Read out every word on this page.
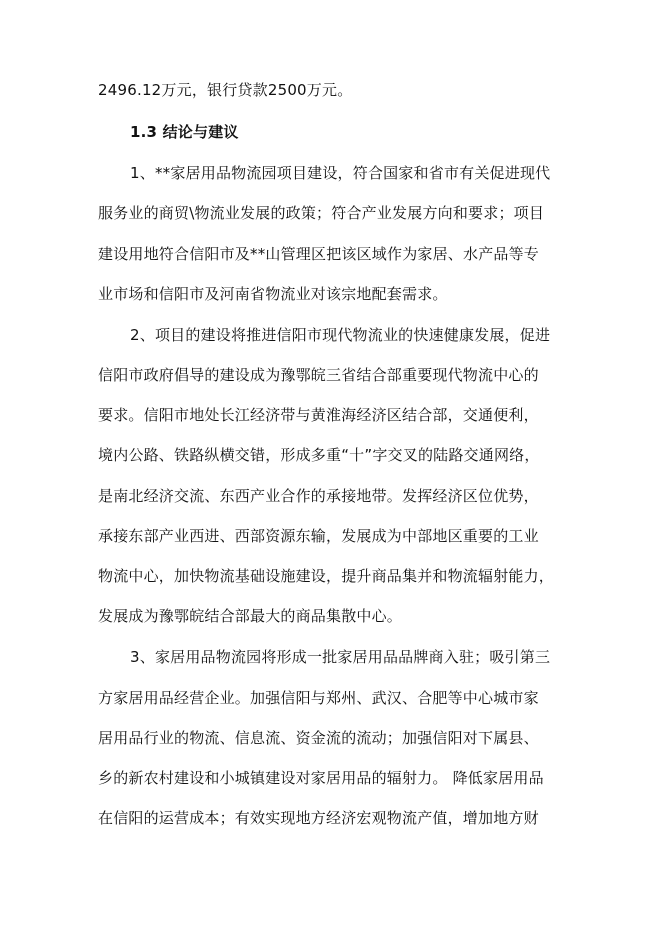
2496.12万元，银行贷款2500万元。
1.3 结论与建议
1、**家居用品物流园项目建设，符合国家和省市有关促进现代
服务业的商贸\物流业发展的政策；符合产业发展方向和要求；项目
建设用地符合信阳市及**山管理区把该区域作为家居、水产品等专
业市场和信阳市及河南省物流业对该宗地配套需求。
2、项目的建设将推进信阳市现代物流业的快速健康发展，促进
信阳市政府倡导的建设成为豫鄂皖三省结合部重要现代物流中心的
要求。信阳市地处长江经济带与黄淮海经济区结合部，交通便利，
境内公路、铁路纵横交错，形成多重“十”字交叉的陆路交通网络，
是南北经济交流、东西产业合作的承接地带。发挥经济区位优势，
承接东部产业西进、西部资源东输，发展成为中部地区重要的工业
物流中心，加快物流基础设施建设，提升商品集并和物流辐射能力，
发展成为豫鄂皖结合部最大的商品集散中心。
3、家居用品物流园将形成一批家居用品品牌商入驻；吸引第三
方家居用品经营企业。加强信阳与郑州、武汉、合肥等中心城市家
居用品行业的物流、信息流、资金流的流动；加强信阳对下属县、
乡的新农村建设和小城镇建设对家居用品的辐射力。 降低家居用品
在信阳的运营成本；有效实现地方经济宏观物流产值，增加地方财
